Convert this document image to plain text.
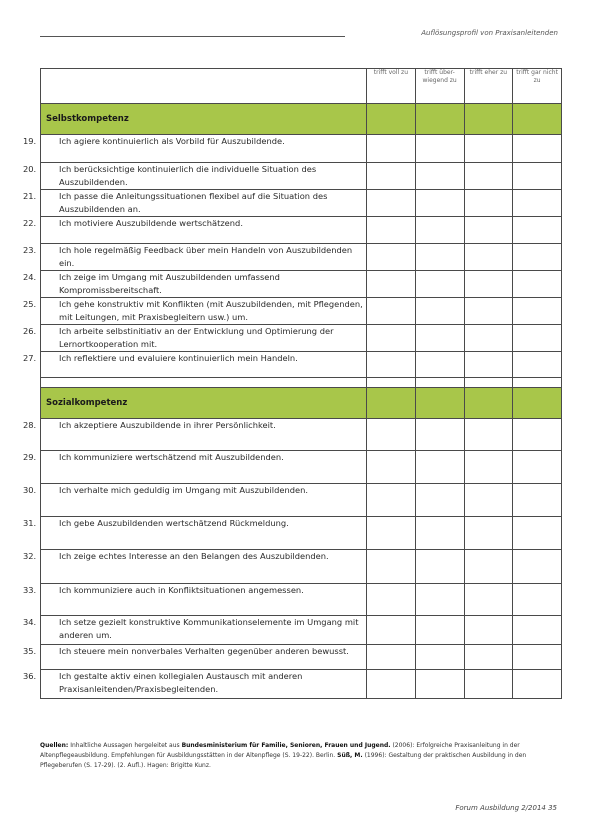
Auflösungsprofil von Praxisanleitenden
	trifft voll zu	trifft über-wiegend zu	trifft eher zu	trifft gar nicht zu
Selbstkompetenz				

19. Ich agiere kontinuierlich als Vorbild für Auszubildende.				

20. Ich berücksichtige kontinuierlich die individuelle Situation des Auszubildenden.				

21. Ich passe die Anleitungssituationen flexibel auf die Situation des Auszubildenden an.				

22. Ich motiviere Auszubildende wertschätzend.				

23. Ich hole regelmäßig Feedback über mein Handeln von Auszubildenden ein.				

24. Ich zeige im Umgang mit Auszubildenden umfassend Kompromissbereitschaft.				

25. Ich gehe konstruktiv mit Konflikten (mit Auszubildenden, mit Pflegenden, mit Leitungen, mit Praxisbegleitern usw.) um.				

26. Ich arbeite selbstinitiativ an der Entwicklung und Optimierung der Lernortkooperation mit.				

27. Ich reflektiere und evaluiere kontinuierlich mein Handeln.				

Sozialkompetenz				

28. Ich akzeptiere Auszubildende in ihrer Persönlichkeit.				

29. Ich kommuniziere wertschätzend mit Auszubildenden.				

30. Ich verhalte mich geduldig im Umgang mit Auszubildenden.				

31. Ich gebe Auszubildenden wertschätzend Rückmeldung.				

32. Ich zeige echtes Interesse an den Belangen des Auszubildenden.				

33. Ich kommuniziere auch in Konfliktsituationen angemessen.				

34. Ich setze gezielt konstruktive Kommunikationselemente im Umgang mit anderen um.				

35. Ich steuere mein nonverbales Verhalten gegenüber anderen bewusst.				

36. Ich gestalte aktiv einen kollegialen Austausch mit anderen Praxisanleitenden/Praxisbegleitenden.				

Quellen: Inhaltliche Aussagen hergeleitet aus Bundesministerium für Familie, Senioren, Frauen und Jugend. (2006): Erfolgreiche Praxisanleitung in der Altenpflegeausbildung. Empfehlungen für Ausbildungsstätten in der Altenpflege (S. 19-22). Berlin. Süß, M. (1996): Gestaltung der praktischen Ausbildung in den Pflegeberufen (S. 17-29). (2. Aufl.). Hagen: Brigitte Kunz.
Forum Ausbildung 2/2014 35
